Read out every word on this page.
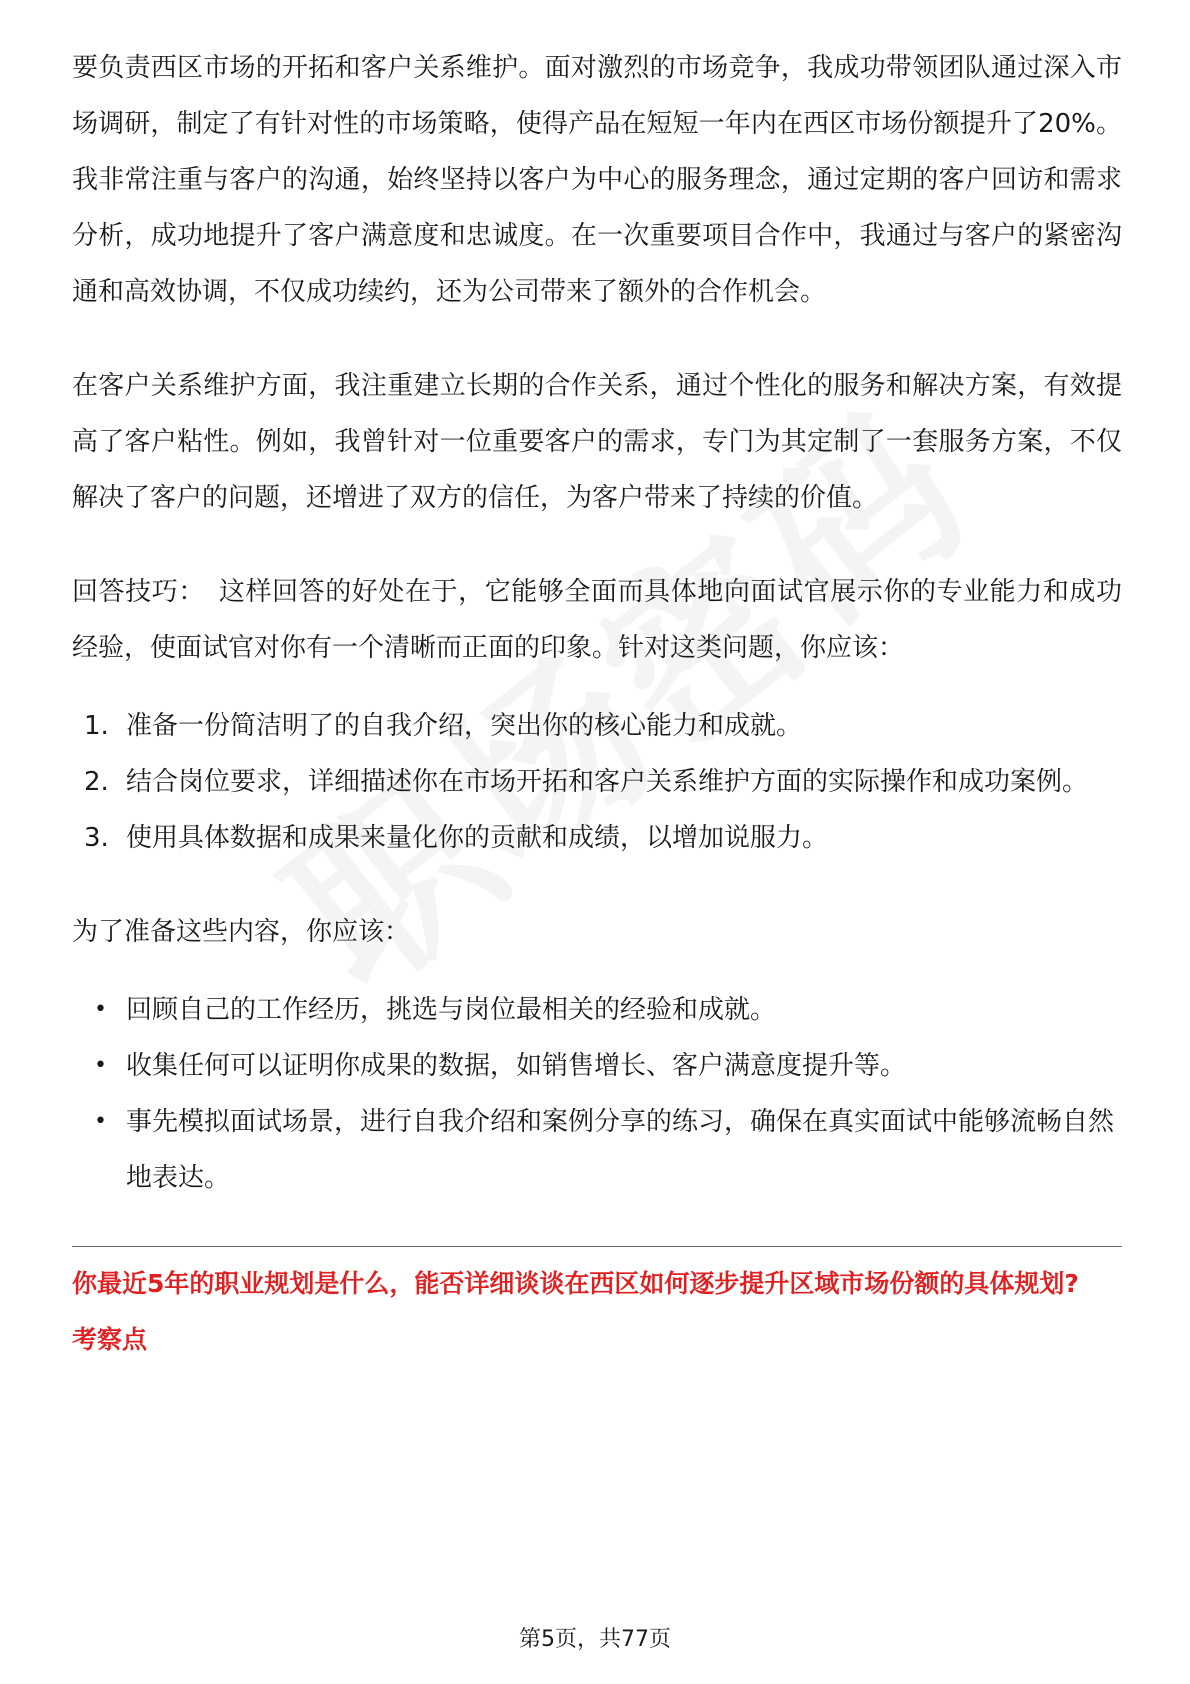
要负责西区市场的开拓和客户关系维护。面对激烈的市场竞争，我成功带领团队通过深入市场调研，制定了有针对性的市场策略，使得产品在短短一年内在西区市场份额提升了20%。我非常注重与客户的沟通，始终坚持以客户为中心的服务理念，通过定期的客户回访和需求分析，成功地提升了客户满意度和忠诚度。在一次重要项目合作中，我通过与客户的紧密沟通和高效协调，不仅成功续约，还为公司带来了额外的合作机会。

在客户关系维护方面，我注重建立长期的合作关系，通过个性化的服务和解决方案，有效提高了客户粘性。例如，我曾针对一位重要客户的需求，专门为其定制了一套服务方案，不仅解决了客户的问题，还增进了双方的信任，为客户带来了持续的价值。

回答技巧： 这样回答的好处在于，它能够全面而具体地向面试官展示你的专业能力和成功经验，使面试官对你有一个清晰而正面的印象。针对这类问题，你应该：

1. 准备一份简洁明了的自我介绍，突出你的核心能力和成就。
2. 结合岗位要求，详细描述你在市场开拓和客户关系维护方面的实际操作和成功案例。
3. 使用具体数据和成果来量化你的贡献和成绩，以增加说服力。

为了准备这些内容，你应该：

• 回顾自己的工作经历，挑选与岗位最相关的经验和成就。
• 收集任何可以证明你成果的数据，如销售增长、客户满意度提升等。
• 事先模拟面试场景，进行自我介绍和案例分享的练习，确保在真实面试中能够流畅自然地表达。

你最近5年的职业规划是什么，能否详细谈谈在西区如何逐步提升区域市场份额的具体规划?

考察点

第5页，共77页
